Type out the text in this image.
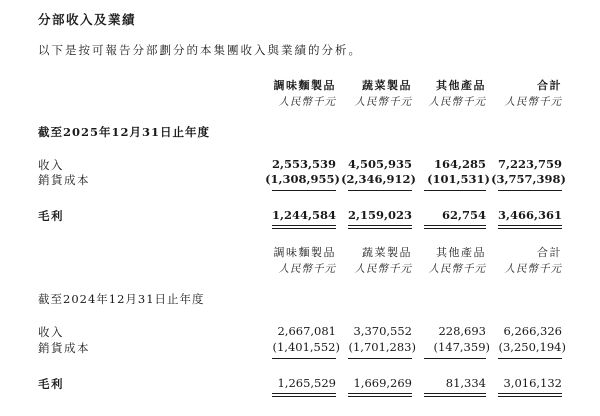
分部收入及業績
以下是按可報告分部劃分的本集團收入與業績的分析。
調味麵製品	蔬菜製品	其他產品	合計
人民幣千元	人民幣千元	人民幣千元	人民幣千元
截至2025年12月31日止年度
收入	2,553,539	4,505,935	164,285	7,223,759
銷貨成本	(1,308,955) (2,346,912) (101,531) (3,757,398)
毛利	1,244,584	2,159,023	62,754	3,466,361
調味麵製品	蔬菜製品	其他產品	合計
人民幣千元	人民幣千元	人民幣千元	人民幣千元
截至2024年12月31日止年度
收入	2,667,081	3,370,552	228,693	6,266,326
銷貨成本	(1,401,552) (1,701,283)	(147,359) (3,250,194)
毛利	1,265,529	1,669,269	81,334	3,016,132
